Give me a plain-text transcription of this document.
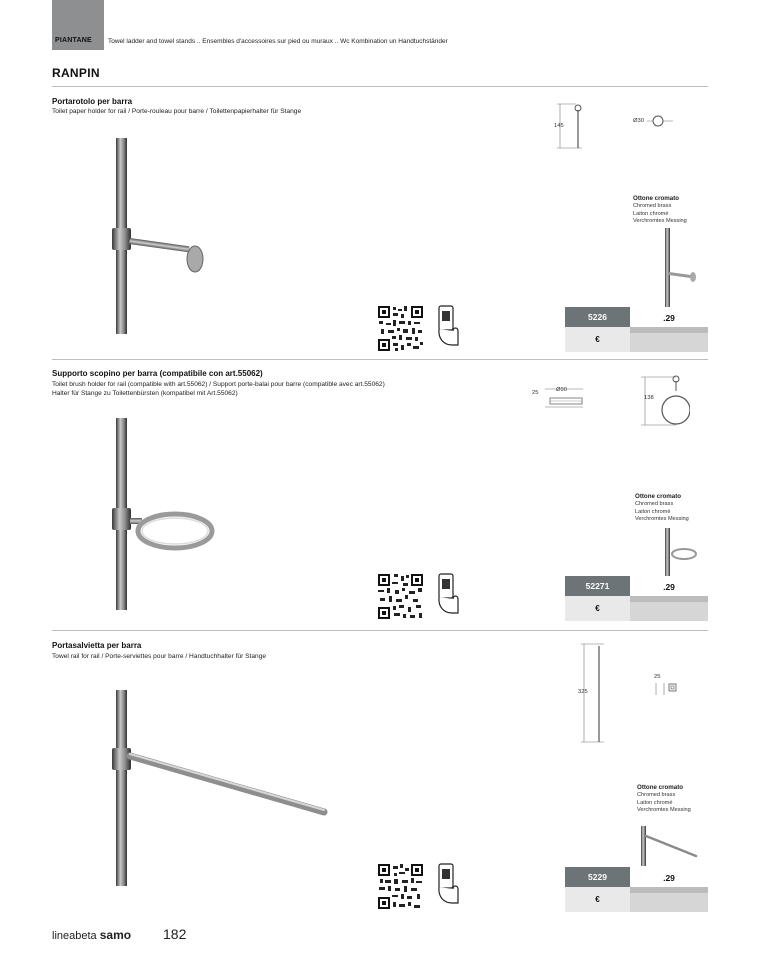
PIANTANE Towel ladder and towel stands .. Ensembles d'accessoires sur pied ou muraux .. Wc Kombination un Handtuchständer
RANPIN
Portarotolo per barra
Toilet paper holder for rail / Porte-rouleau pour barre / Toilettenpapierhalter für Stange
145
Ø30
Ottone cromato
Chromed brass
Laiton chromé
Verchromtes Messing
5226	.29
€
Supporto scopino per barra (compatibile con art.55062)
Toilet brush holder for rail (compatible with art.55062) / Support porte-balai pour barre (compatible avec art.55062)
Halter für Stange zu Toilettenbürsten (kompatibel mit Art.55062)	25	Ø90
138
Ottone cromato
Chromed brass
Laiton chromé
Verchromtes Messing
52271	.29
€
Portasalvietta per barra
Towel rail for rail / Porte-serviettes pour barre / Handtuchhalter für Stange
325
25
Ottone cromato
Chromed brass
Laiton chromé
Verchromtes Messing
5229	.29
€
lineabeta samo 182
